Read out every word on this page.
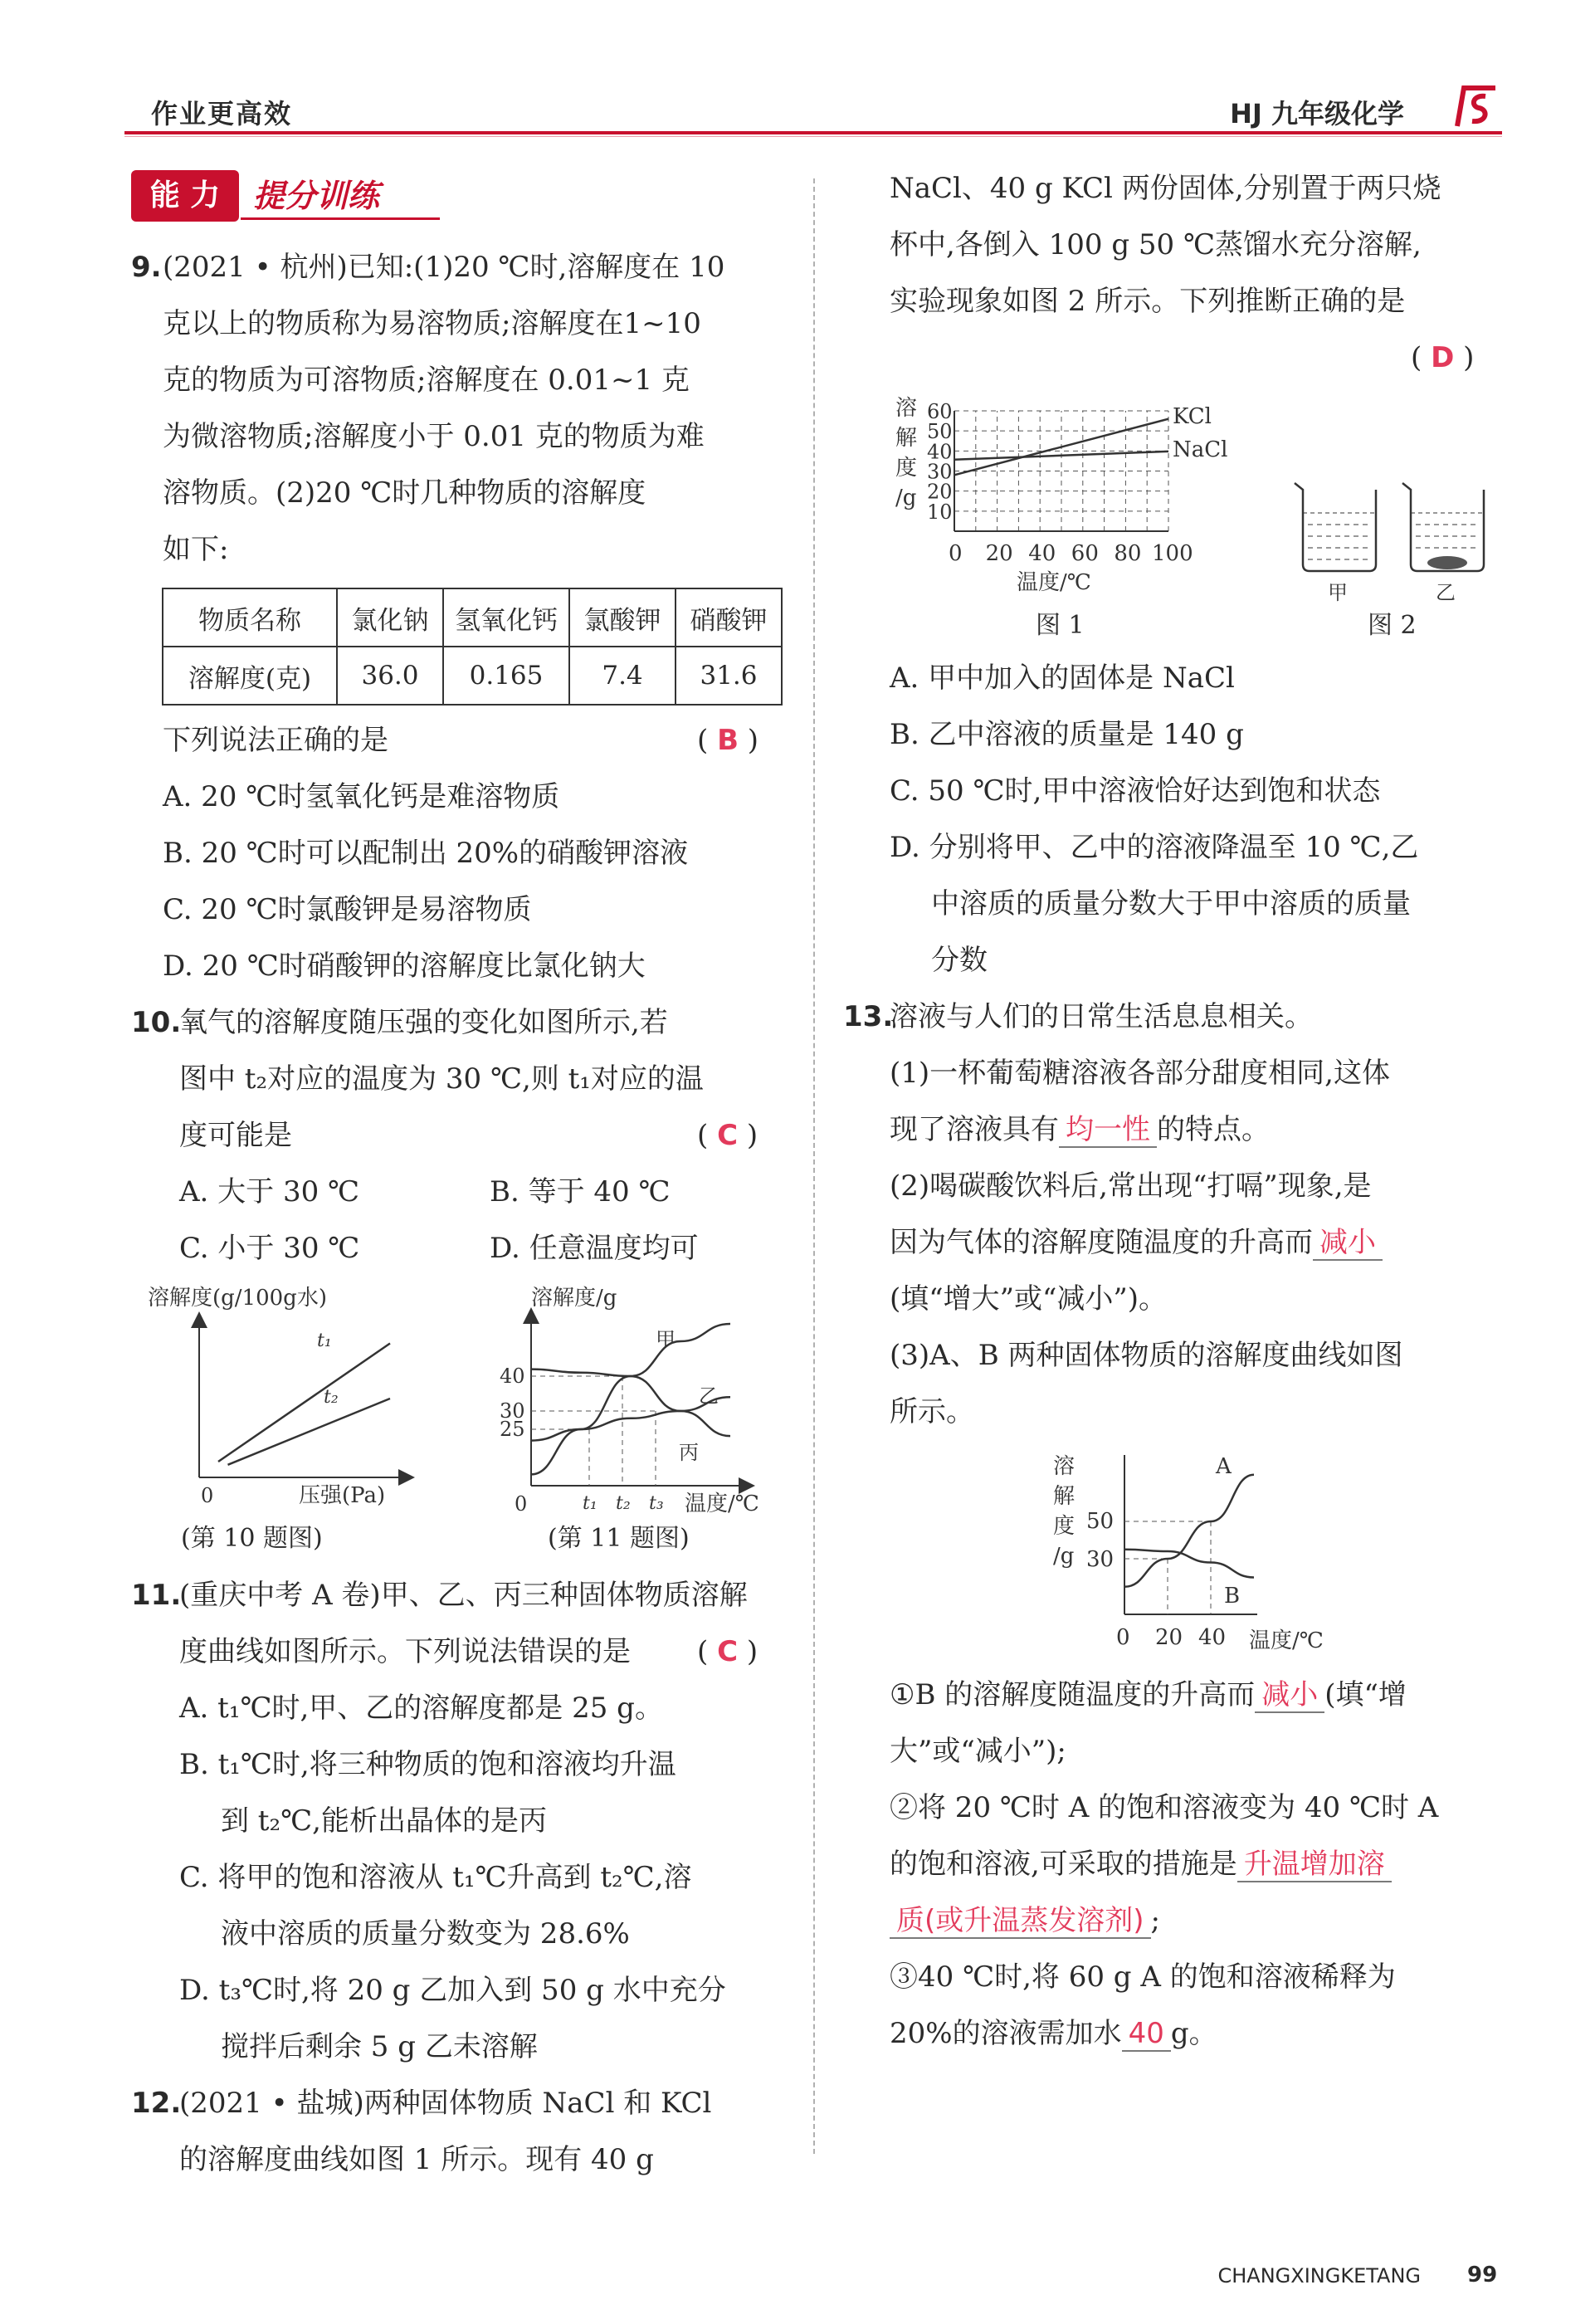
作业更高效	HJ 九年级化学
能 力	提分训练
9. (2021 • 杭州)已知:(1)20 ℃时,溶解度在 10
克以上的物质称为易溶物质;溶解度在1~10
克的物质为可溶物质;溶解度在 0.01~1 克
为微溶物质;溶解度小于 0.01 克的物质为难
溶物质。(2)20 ℃时几种物质的溶解度
如下:
物质名称	氯化钠	氢氧化钙	氯酸钾	硝酸钾
溶解度(克)	36.0	0.165	7.4	31.6
下列说法正确的是	( B )
A. 20 ℃时氢氧化钙是难溶物质
B. 20 ℃时可以配制出 20%的硝酸钾溶液
C. 20 ℃时氯酸钾是易溶物质
D. 20 ℃时硝酸钾的溶解度比氯化钠大
10.
氧气的溶解度随压强的变化如图所示,若
图中 t₂对应的温度为 30 ℃,则 t₁对应的温
度可能是	( C )
A. 大于 30 ℃	B. 等于 40 ℃
C. 小于 30 ℃	D. 任意温度均可
溶解度(g/100g水)
0	压强(Pa)
t₁
t₂
(第 10 题图)
溶解度/g
0
40
30
25
甲
乙
丙
t₁ t₂ t₃ 温度/℃
(第 11 题图)
11.
(重庆中考 A 卷)甲、乙、丙三种固体物质溶解
度曲线如图所示。下列说法错误的是 ( C )
A. t₁℃时,甲、乙的溶解度都是 25 g。
B. t₁℃时,将三种物质的饱和溶液均升温
到 t₂℃,能析出晶体的是丙
C. 将甲的饱和溶液从 t₁℃升高到 t₂℃,溶
液中溶质的质量分数变为 28.6%
D. t₃℃时,将 20 g 乙加入到 50 g 水中充分
搅拌后剩余 5 g 乙未溶解
12.
(2021 • 盐城)两种固体物质 NaCl 和 KCl
的溶解度曲线如图 1 所示。现有 40 g
NaCl、40 g KCl 两份固体,分别置于两只烧
杯中,各倒入 100 g 50 ℃蒸馏水充分溶解,
实验现象如图 2 所示。下列推断正确的是
( D )
溶
解
度
/g
10
20
30
40
50
60
0 20 40 60 80 100
KCl
NaCl
温度/℃
图 1
甲	乙
图 2
A. 甲中加入的固体是 NaCl
B. 乙中溶液的质量是 140 g
C. 50 ℃时,甲中溶液恰好达到饱和状态
D. 分别将甲、乙中的溶液降温至 10 ℃,乙
中溶质的质量分数大于甲中溶质的质量
分数
13.
溶液与人们的日常生活息息相关。
(1)一杯葡萄糖溶液各部分甜度相同,这体
现了溶液具有 均一性 的特点。
(2)喝碳酸饮料后,常出现“打嗝”现象,是
因为气体的溶解度随温度的升高而 减小
(填“增大”或“减小”)。
(3)A、B 两种固体物质的溶解度曲线如图
所示。
溶
解
度
/g
50
30
A
B
0 20 40 温度/℃
①B 的溶解度随温度的升高而 减小 (填“增
大”或“减小”);
②将 20 ℃时 A 的饱和溶液变为 40 ℃时 A
的饱和溶液,可采取的措施是 升温增加溶
质(或升温蒸发溶剂) ;
③40 ℃时,将 60 g A 的饱和溶液稀释为
20%的溶液需加水 40 g。
CHANGXINGKETANG 99
